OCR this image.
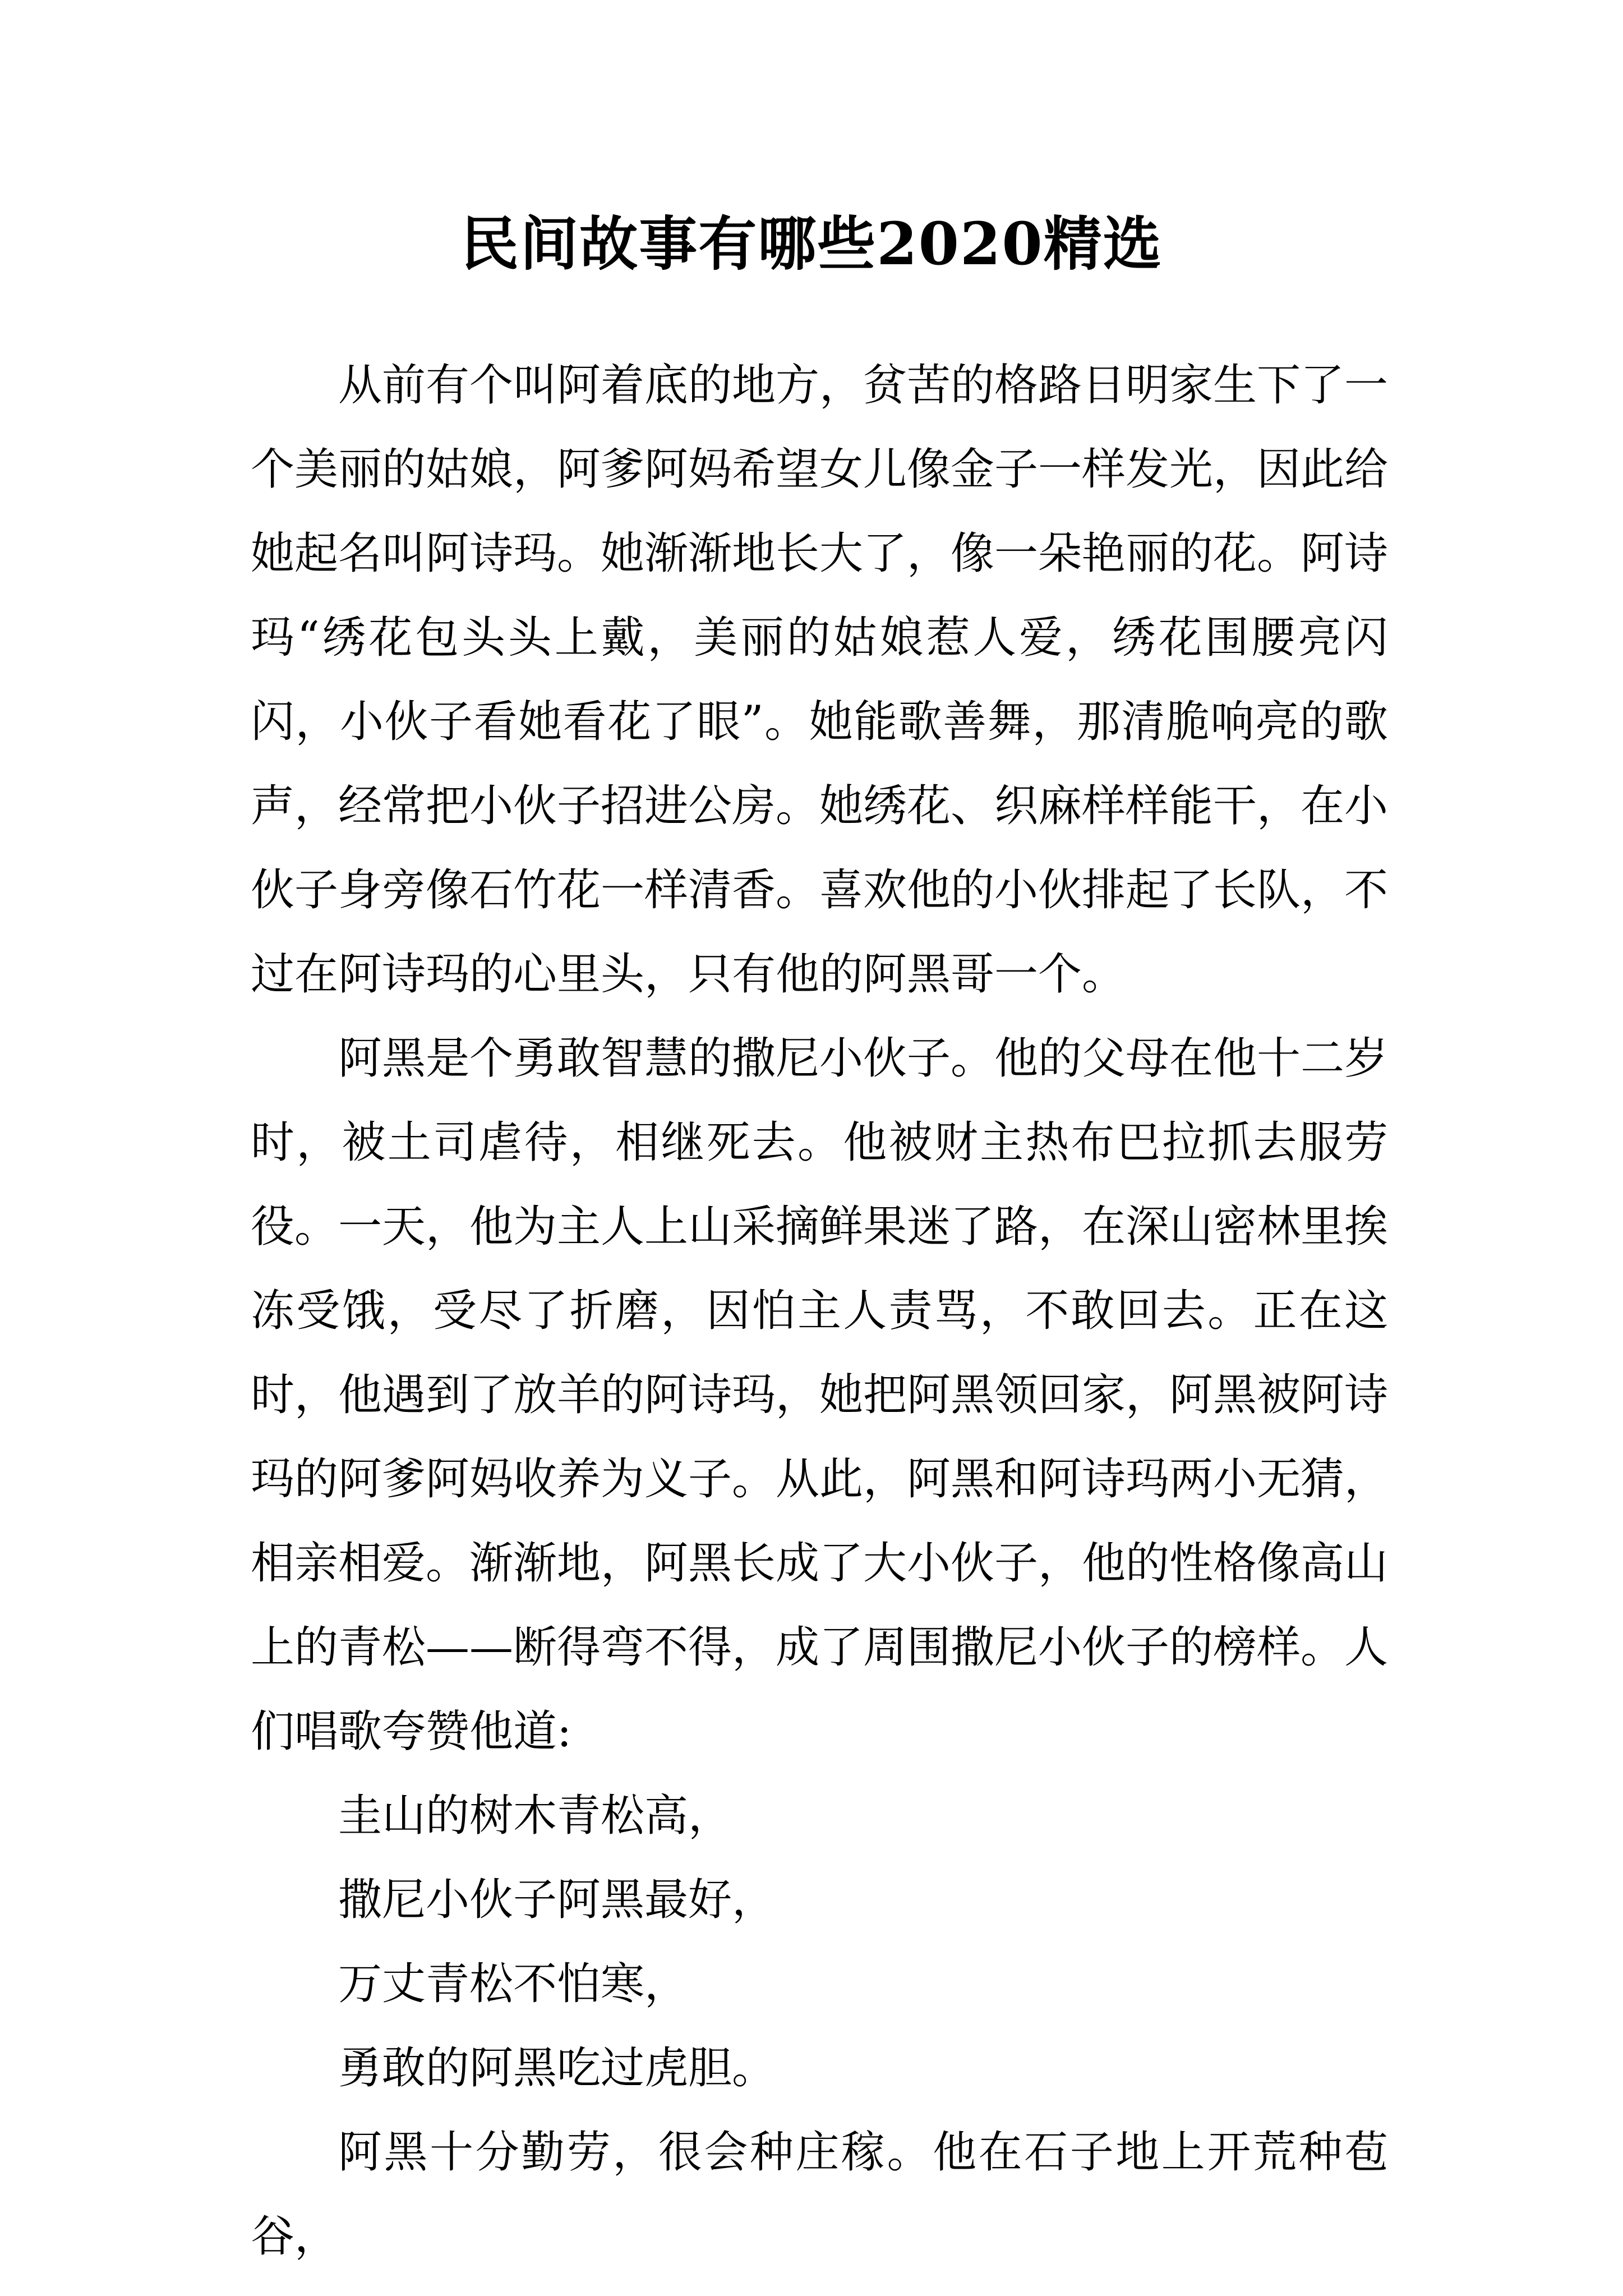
民间故事有哪些2020精选

从前有个叫阿着底的地方，贫苦的格路日明家生下了一个美丽的姑娘，阿爹阿妈希望女儿像金子一样发光，因此给她起名叫阿诗玛。她渐渐地长大了，像一朵艳丽的花。阿诗玛“绣花包头头上戴，美丽的姑娘惹人爱，绣花围腰亮闪闪，小伙子看她看花了眼”。她能歌善舞，那清脆响亮的歌声，经常把小伙子招进公房。她绣花、织麻样样能干，在小伙子身旁像石竹花一样清香。喜欢他的小伙排起了长队，不过在阿诗玛的心里头，只有他的阿黑哥一个。

阿黑是个勇敢智慧的撒尼小伙子。他的父母在他十二岁时，被土司虐待，相继死去。他被财主热布巴拉抓去服劳役。一天，他为主人上山采摘鲜果迷了路，在深山密林里挨冻受饿，受尽了折磨，因怕主人责骂，不敢回去。正在这时，他遇到了放羊的阿诗玛，她把阿黑领回家，阿黑被阿诗玛的阿爹阿妈收养为义子。从此，阿黑和阿诗玛两小无猜，相亲相爱。渐渐地，阿黑长成了大小伙子，他的性格像高山上的青松——断得弯不得，成了周围撒尼小伙子的榜样。人们唱歌夸赞他道:

圭山的树木青松高，

撒尼小伙子阿黑最好，

万丈青松不怕寒，

勇敢的阿黑吃过虎胆。

阿黑十分勤劳，很会种庄稼。他在石子地上开荒种苞谷，
